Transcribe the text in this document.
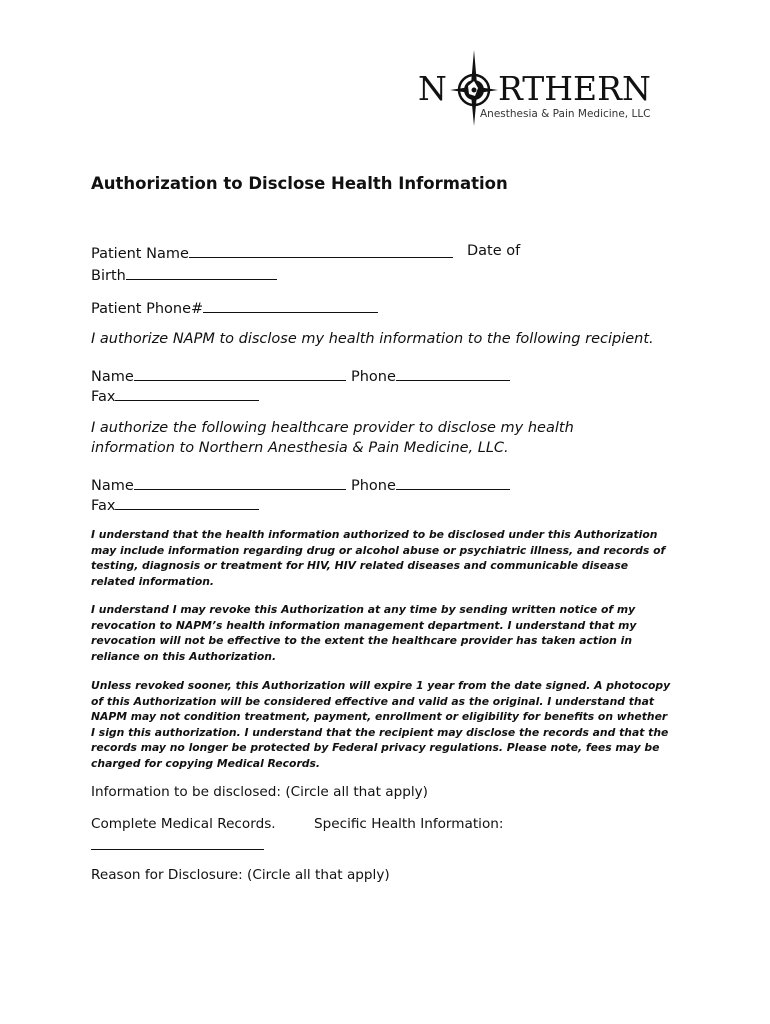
N RTHERN
Anesthesia & Pain Medicine, LLC
Authorization to Disclose Health Information
Patient Name	Date of
Birth
Patient Phone#
I authorize NAPM to disclose my health information to the following recipient.
Name	Phone
Fax
I authorize the following healthcare provider to disclose my health
information to Northern Anesthesia & Pain Medicine, LLC.
Name	Phone
Fax
I understand that the health information authorized to be disclosed under this Authorization may include information regarding drug or alcohol abuse or psychiatric illness, and records of testing, diagnosis or treatment for HIV, HIV related diseases and communicable disease related information.
I understand I may revoke this Authorization at any time by sending written notice of my revocation to NAPM’s health information management department. I understand that my revocation will not be effective to the extent the healthcare provider has taken action in reliance on this Authorization.
Unless revoked sooner, this Authorization will expire 1 year from the date signed. A photocopy of this Authorization will be considered effective and valid as the original. I understand that NAPM may not condition treatment, payment, enrollment or eligibility for benefits on whether I sign this authorization. I understand that the recipient may disclose the records and that the records may no longer be protected by Federal privacy regulations. Please note, fees may be charged for copying Medical Records.
Information to be disclosed: (Circle all that apply)
Complete Medical Records.	Specific Health Information:
Reason for Disclosure: (Circle all that apply)
